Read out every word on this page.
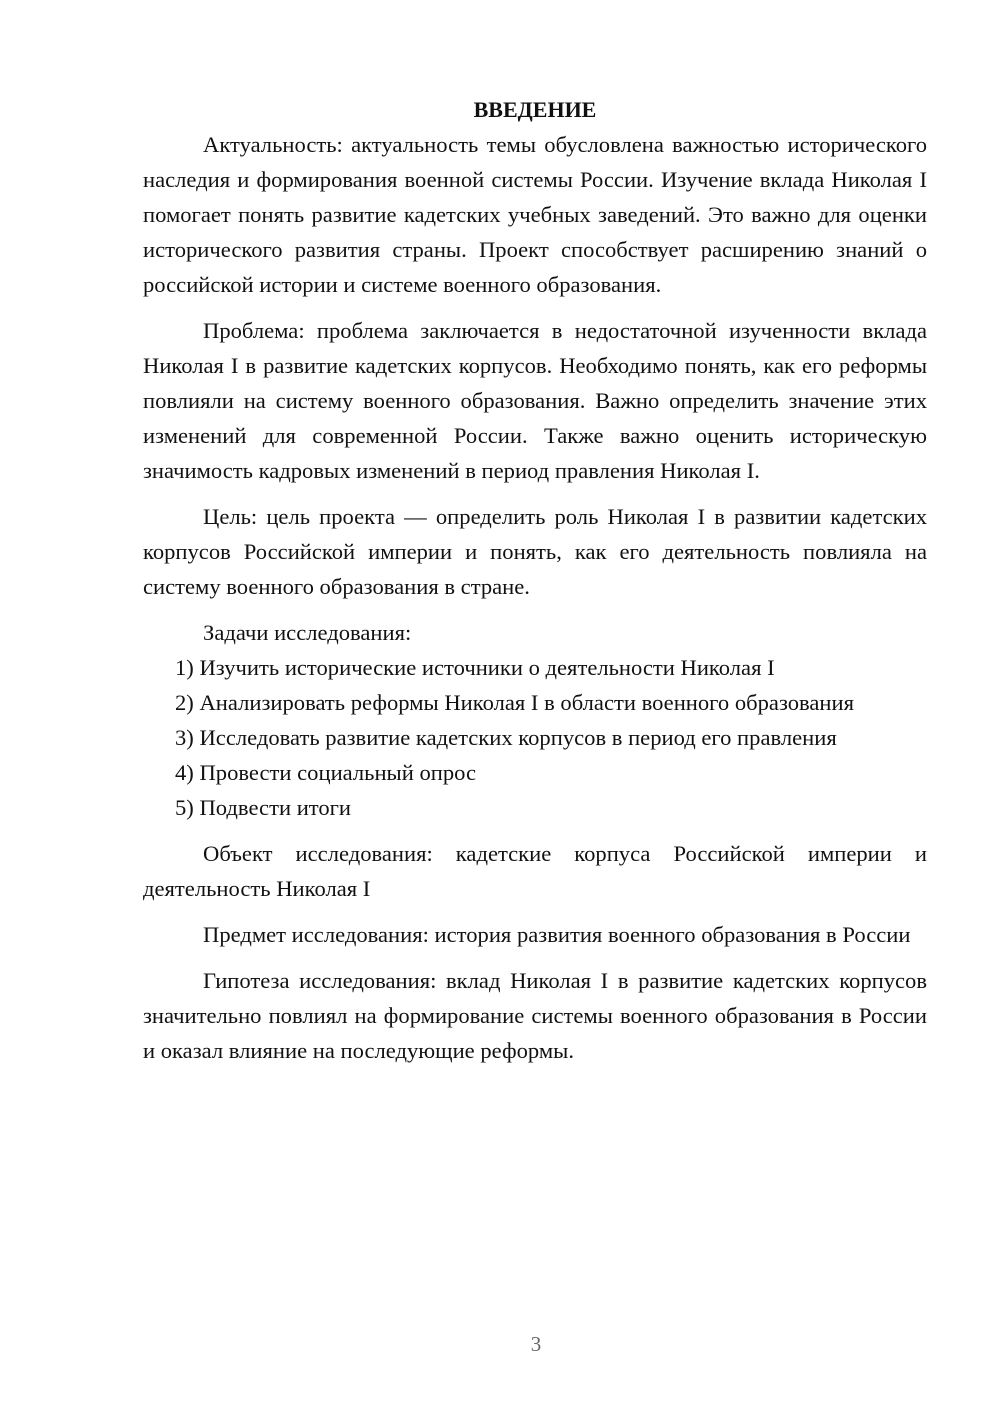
ВВЕДЕНИЕ

Актуальность: актуальность темы обусловлена важностью исторического наследия и формирования военной системы России. Изучение вклада Николая I помогает понять развитие кадетских учебных заведений. Это важно для оценки исторического развития страны. Проект способствует расширению знаний о российской истории и системе военного образования.

Проблема: проблема заключается в недостаточной изученности вклада Николая I в развитие кадетских корпусов. Необходимо понять, как его реформы повлияли на систему военного образования. Важно определить значение этих изменений для современной России. Также важно оценить историческую значимость кадровых изменений в период правления Николая I.

Цель: цель проекта — определить роль Николая I в развитии кадетских корпусов Российской империи и понять, как его деятельность повлияла на систему военного образования в стране.

Задачи исследования:

1) Изучить исторические источники о деятельности Николая I

2) Анализировать реформы Николая I в области военного образования

3) Исследовать развитие кадетских корпусов в период его правления

4) Провести социальный опрос

5) Подвести итоги

Объект исследования: кадетские корпуса Российской империи и деятельность Николая I

Предмет исследования: история развития военного образования в России

Гипотеза исследования: вклад Николая I в развитие кадетских корпусов значительно повлиял на формирование системы военного образования в России и оказал влияние на последующие реформы.

3
